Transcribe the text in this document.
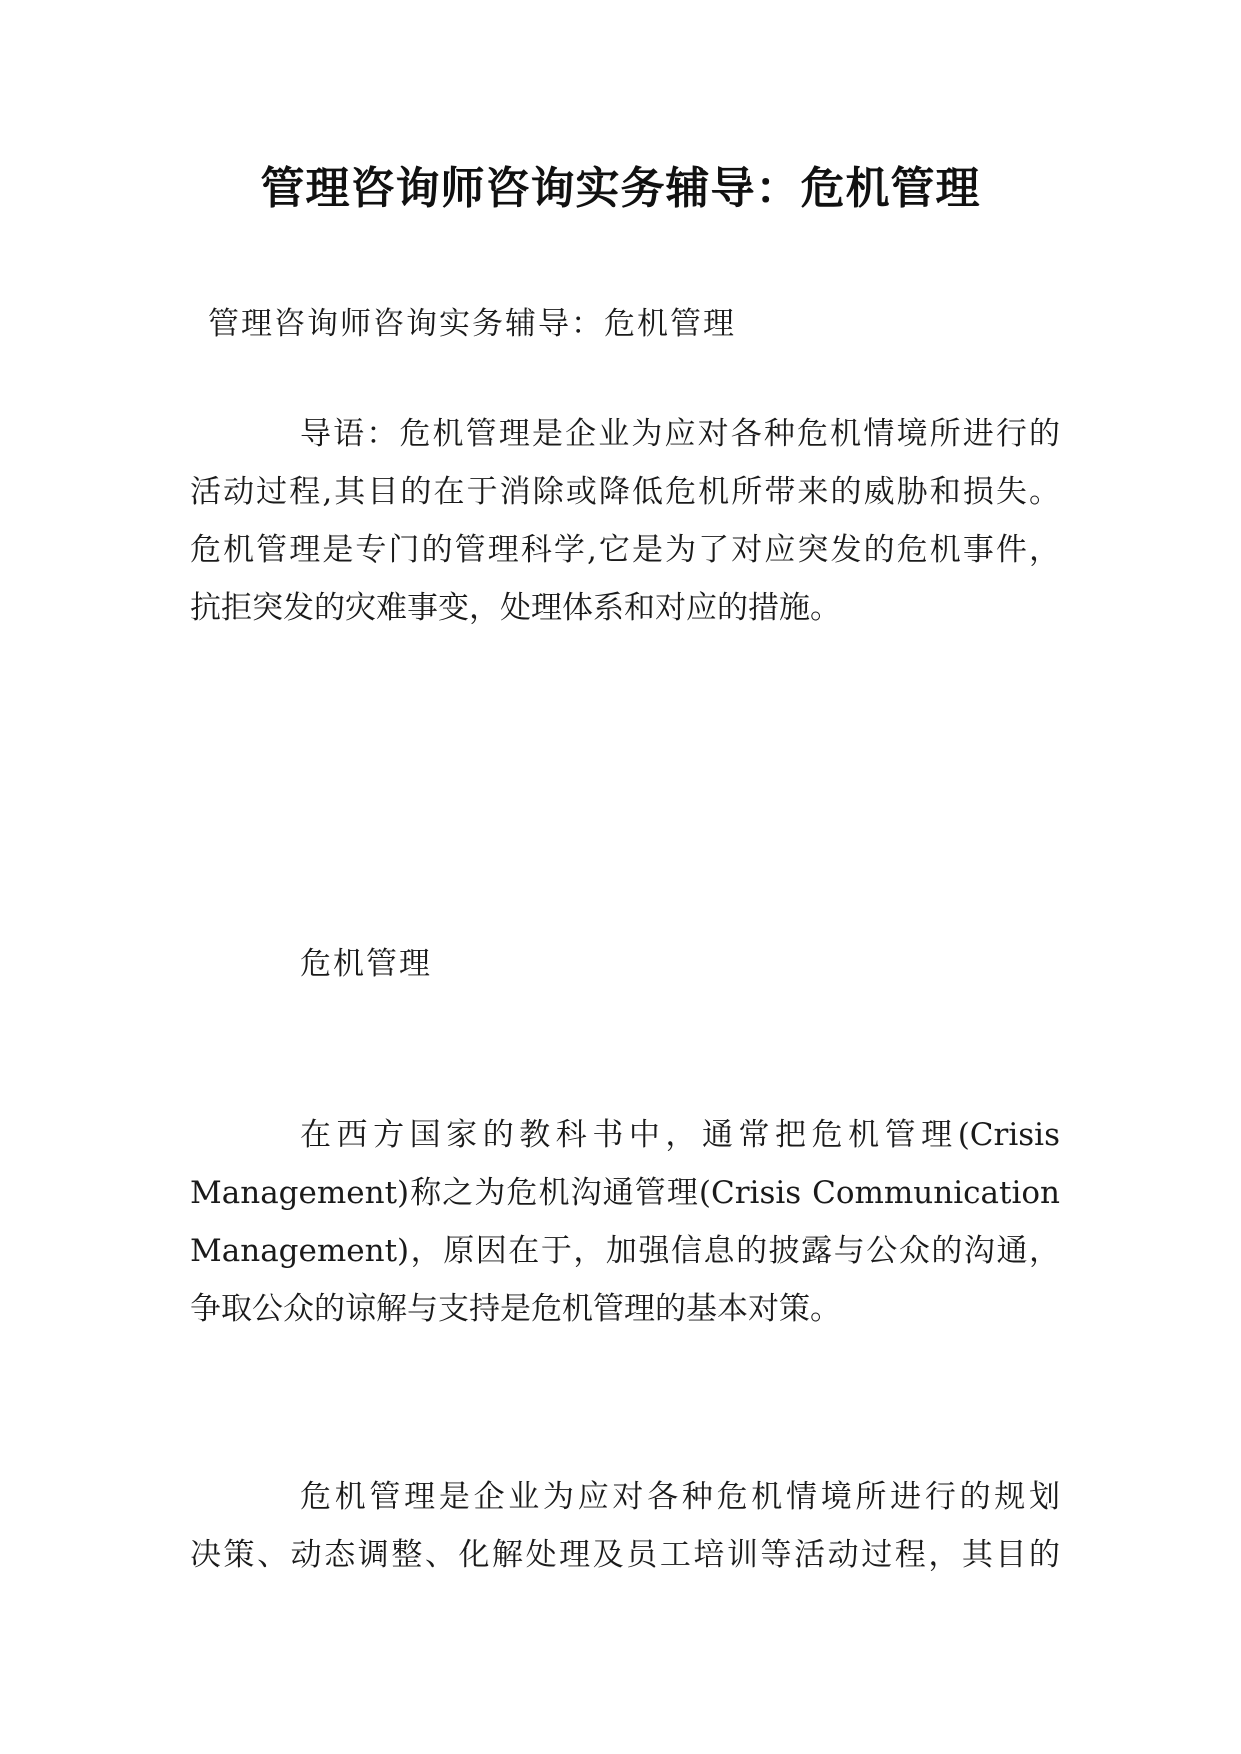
管理咨询师咨询实务辅导：危机管理

管理咨询师咨询实务辅导：危机管理

导语：危机管理是企业为应对各种危机情境所进行的
活动过程,其目的在于消除或降低危机所带来的威胁和损失。
危机管理是专门的管理科学,它是为了对应突发的危机事件，
抗拒突发的灾难事变，处理体系和对应的措施。

危机管理

在西方国家的教科书中，通常把危机管理(Crisis
Management)称之为危机沟通管理(Crisis Communication
Management)，原因在于，加强信息的披露与公众的沟通，
争取公众的谅解与支持是危机管理的基本对策。
危机管理是企业为应对各种危机情境所进行的规划
决策、动态调整、化解处理及员工培训等活动过程，其目的
